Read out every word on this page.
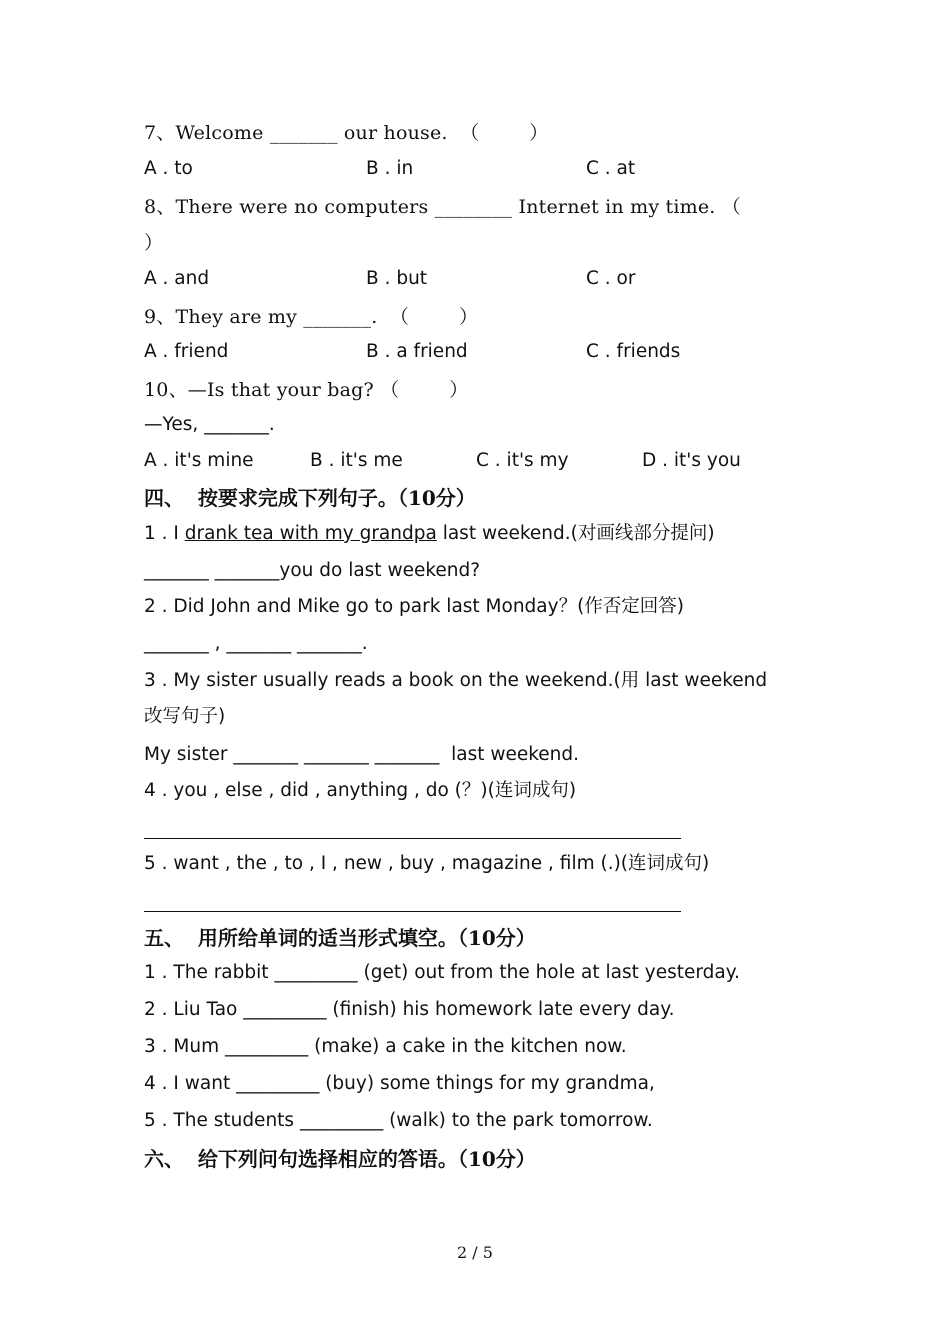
7、Welcome _______ our house.  （        ）
A . to	B . in	C . at
8、There were no computers ________ Internet in my time. （
）
A . and	B . but	C . or
9、They are my _______.  （        ）
A . friend	B . a friend	C . friends
10、—Is that your bag? （        ）
—Yes, _______.
A . it's mine	B . it's me	C . it's my	D . it's you
四、  按要求完成下列句子。（10分）
1 . I drank tea with my grandpa last weekend.(对画线部分提问)
_______ _______you do last weekend?
2 . Did John and Mike go to park last Monday？(作否定回答)
_______ , _______ _______.
3 . My sister usually reads a book on the weekend.(用 last weekend
改写句子)
My sister _______ _______ _______  last weekend.
4 . you , else , did , anything , do (？)(连词成句)
5 . want , the , to , I , new , buy , magazine , film (.)(连词成句)
五、  用所给单词的适当形式填空。（10分）
1 . The rabbit _________ (get) out from the hole at last yesterday.
2 . Liu Tao _________ (finish) his homework late every day.
3 . Mum _________ (make) a cake in the kitchen now.
4 . I want _________ (buy) some things for my grandma,
5 . The students _________ (walk) to the park tomorrow.
六、  给下列问句选择相应的答语。（10分）
2 / 5
